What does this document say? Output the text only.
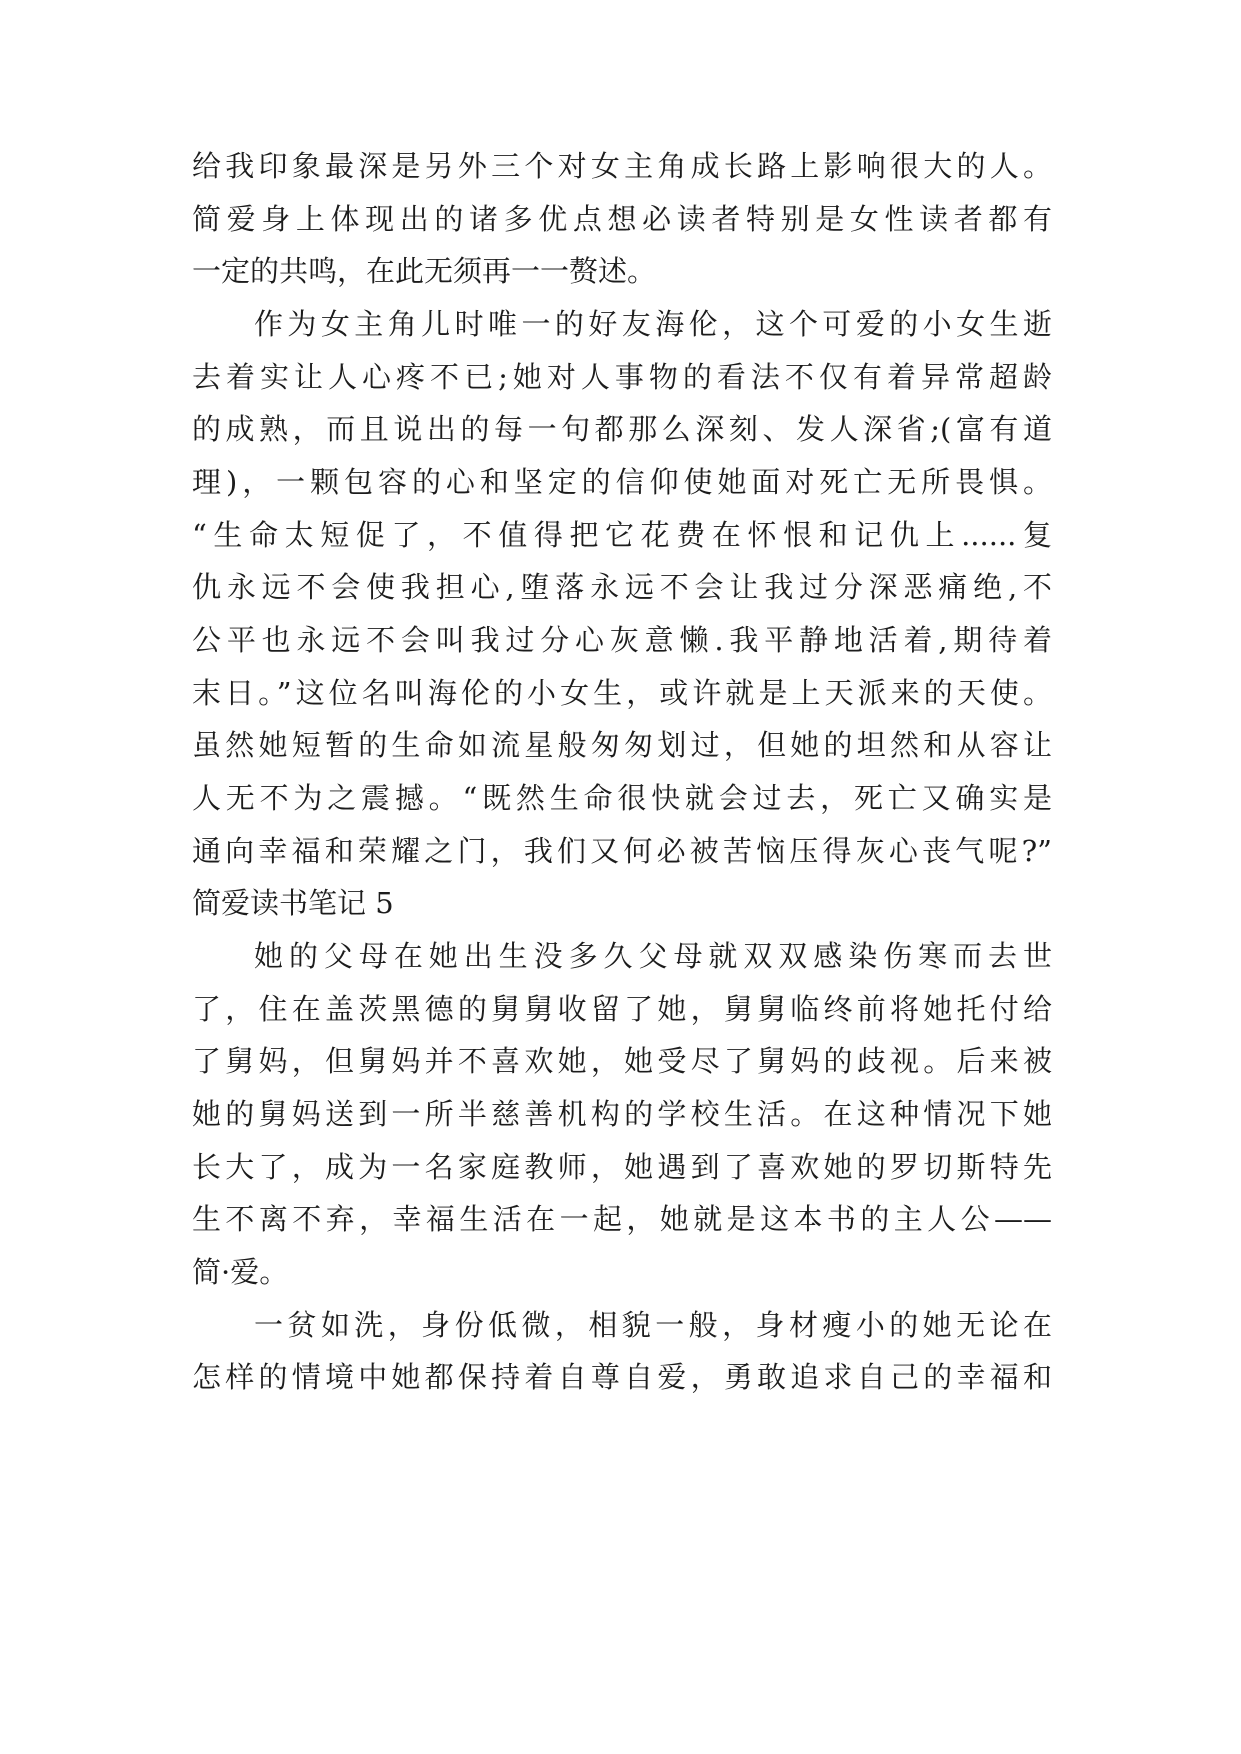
给我印象最深是另外三个对女主角成长路上影响很大的人。
简爱身上体现出的诸多优点想必读者特别是女性读者都有
一定的共鸣，在此无须再一一赘述。
作为女主角儿时唯一的好友海伦，这个可爱的小女生逝
去着实让人心疼不已;她对人事物的看法不仅有着异常超龄
的成熟，而且说出的每一句都那么深刻、发人深省;(富有道
理)，一颗包容的心和坚定的信仰使她面对死亡无所畏惧。
“生命太短促了，不值得把它花费在怀恨和记仇上......复
仇永远不会使我担心,堕落永远不会让我过分深恶痛绝,不
公平也永远不会叫我过分心灰意懒.我平静地活着,期待着
末日。”这位名叫海伦的小女生，或许就是上天派来的天使。
虽然她短暂的生命如流星般匆匆划过，但她的坦然和从容让
人无不为之震撼。“既然生命很快就会过去，死亡又确实是
通向幸福和荣耀之门，我们又何必被苦恼压得灰心丧气呢?”
简爱读书笔记 5
她的父母在她出生没多久父母就双双感染伤寒而去世
了，住在盖茨黑德的舅舅收留了她，舅舅临终前将她托付给
了舅妈，但舅妈并不喜欢她，她受尽了舅妈的歧视。后来被
她的舅妈送到一所半慈善机构的学校生活。在这种情况下她
长大了，成为一名家庭教师，她遇到了喜欢她的罗切斯特先
生不离不弃，幸福生活在一起，她就是这本书的主人公——
简·爱。
一贫如洗，身份低微，相貌一般，身材瘦小的她无论在
怎样的情境中她都保持着自尊自爱，勇敢追求自己的幸福和
